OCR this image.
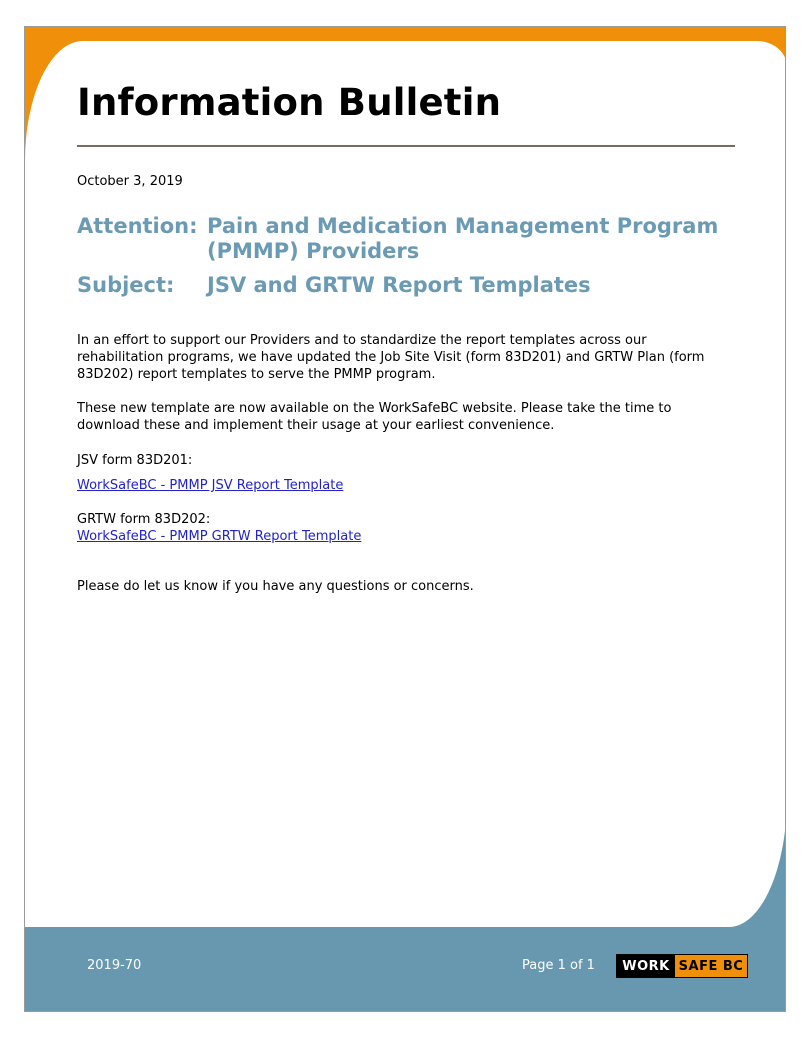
Information Bulletin
October 3, 2019
Attention: Pain and Medication Management Program (PMMP) Providers
Subject:	JSV and GRTW Report Templates

In an effort to support our Providers and to standardize the report templates across our rehabilitation programs, we have updated the Job Site Visit (form 83D201) and GRTW Plan (form 83D202) report templates to serve the PMMP program.

These new template are now available on the WorkSafeBC website. Please take the time to download these and implement their usage at your earliest convenience.

JSV form 83D201:

WorkSafeBC - PMMP JSV Report Template

GRTW form 83D202:

WorkSafeBC - PMMP GRTW Report Template

Please do let us know if you have any questions or concerns.

2019-70	Page 1 of 1	WORK SAFE BC
